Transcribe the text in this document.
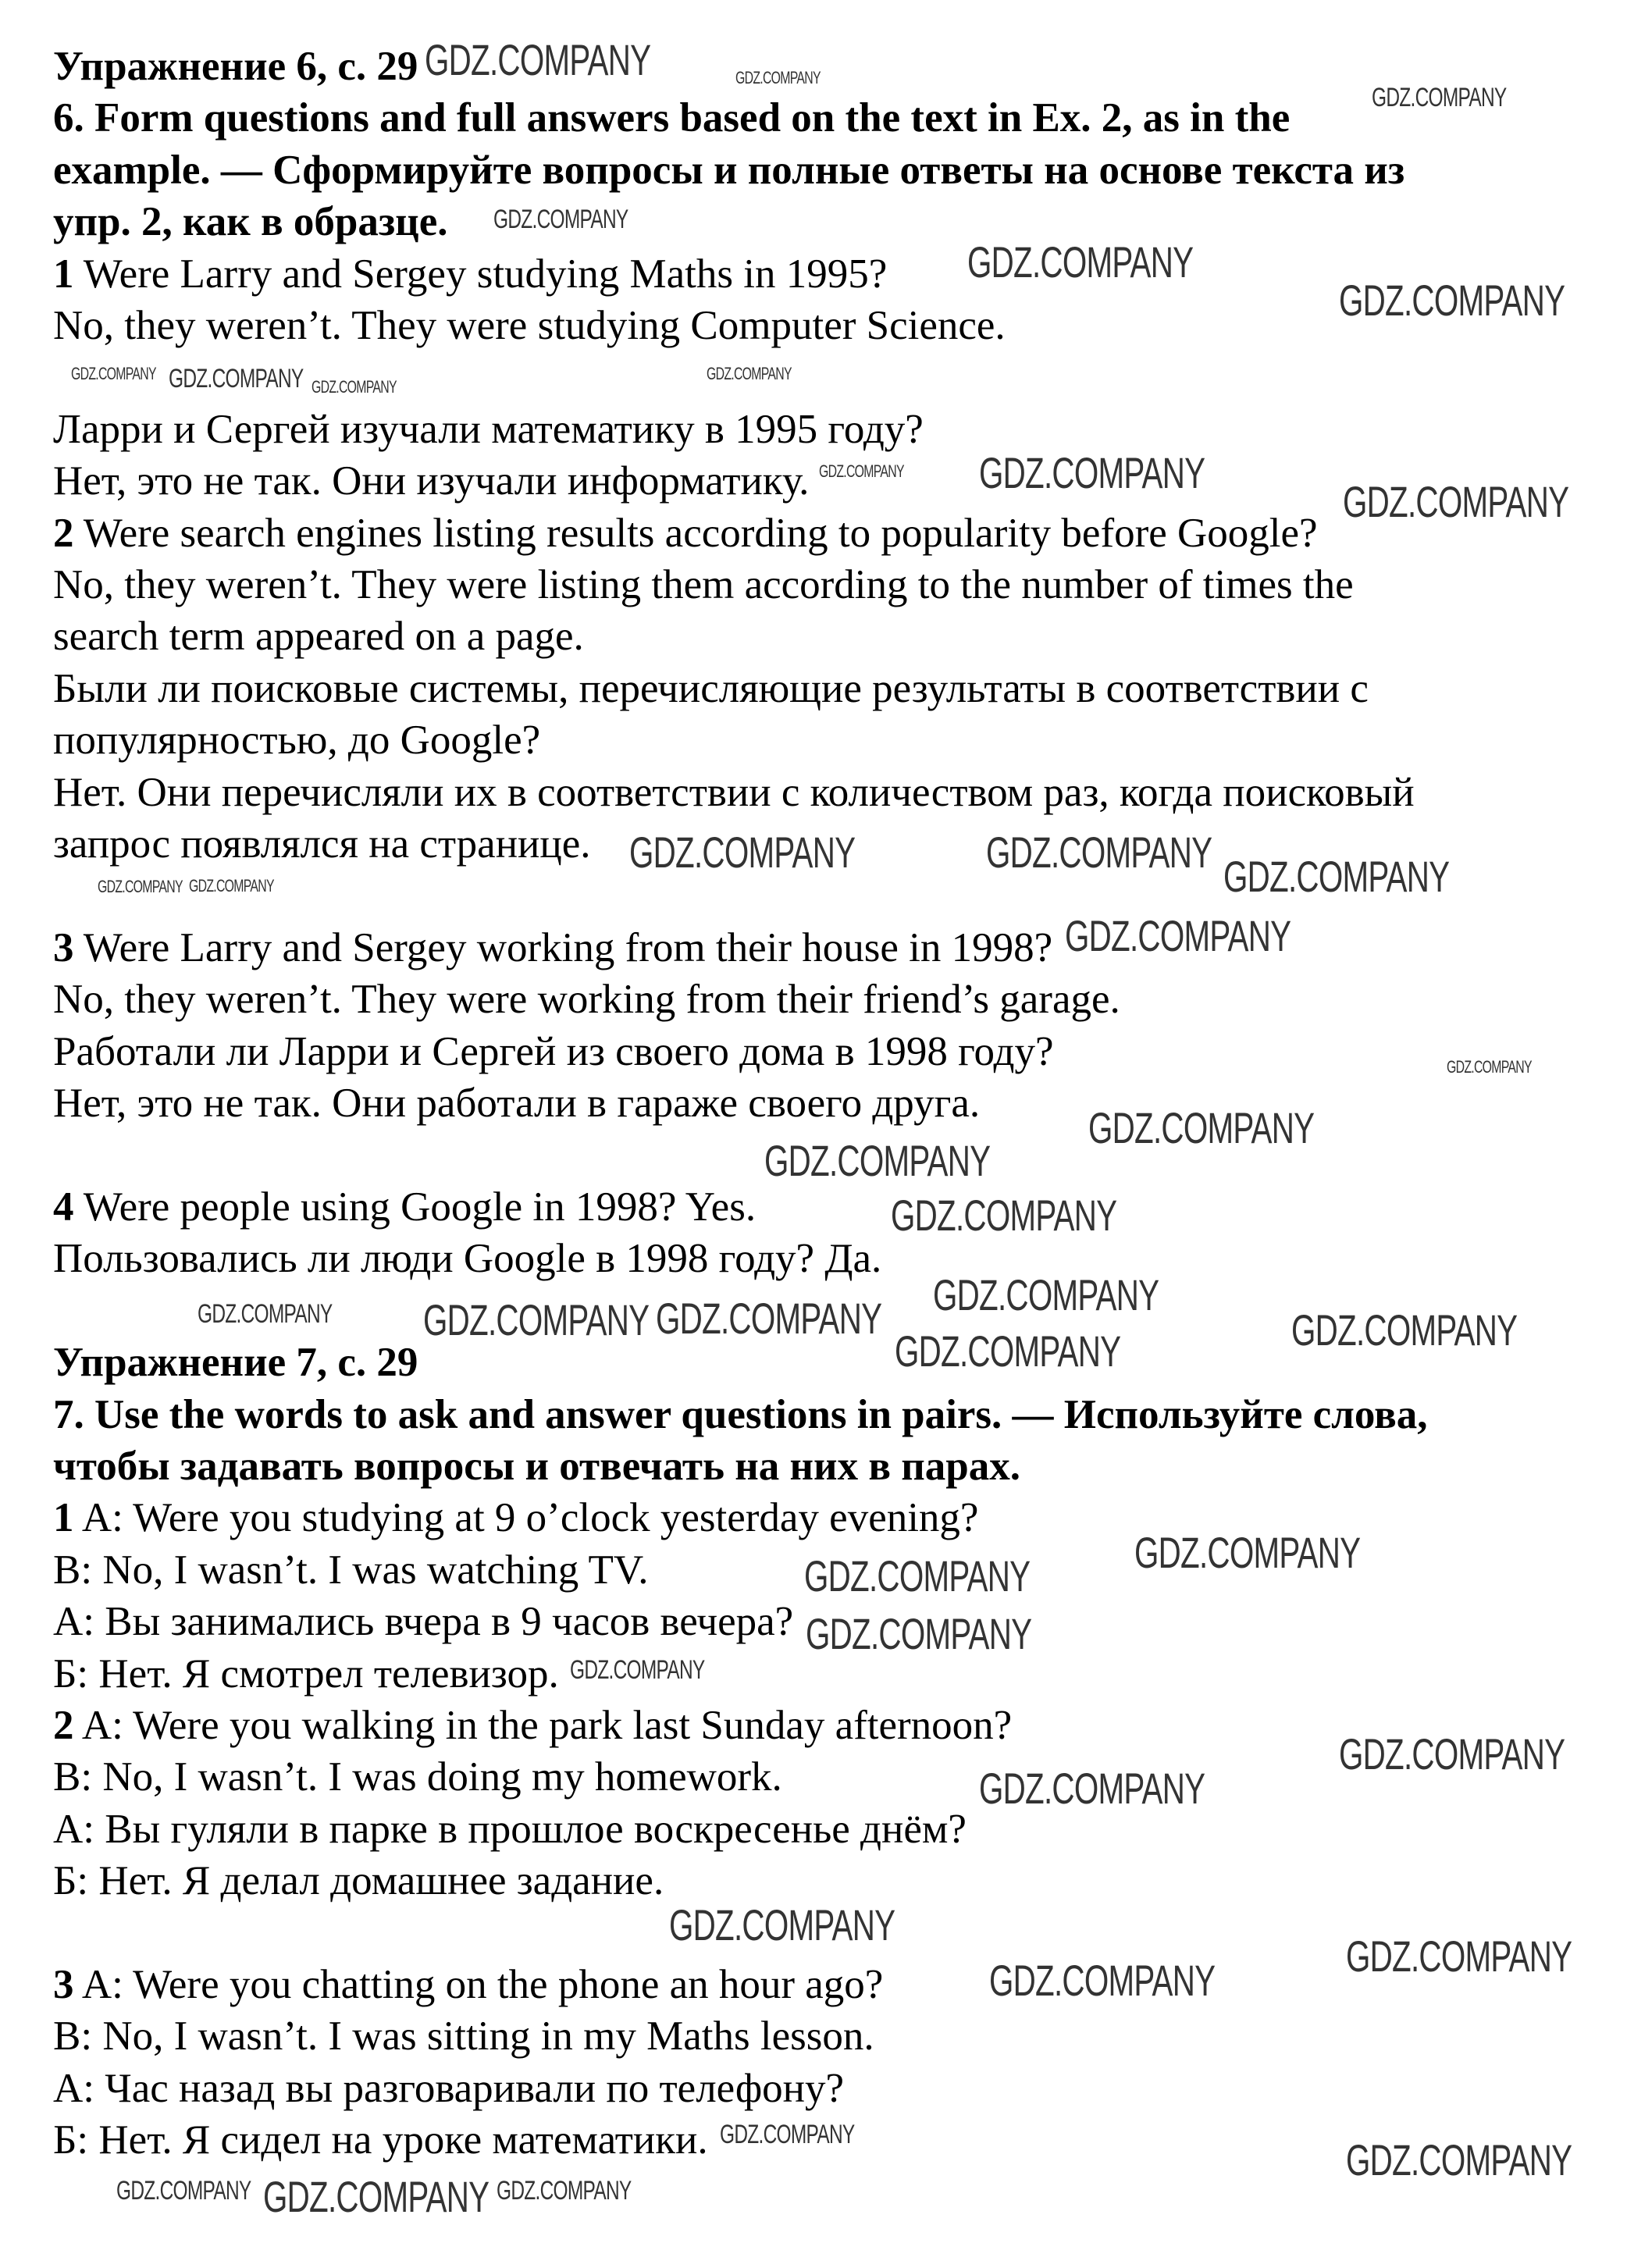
Упражнение 6, с. 29
6. Form questions and full answers based on the text in Ex. 2, as in the
example. — Сформируйте вопросы и полные ответы на основе текста из
упр. 2, как в образце.
1 Were Larry and Sergey studying Maths in 1995?
No, they weren’t. They were studying Computer Science.
Ларри и Сергей изучали математику в 1995 году?
Нет, это не так. Они изучали информатику.
2 Were search engines listing results according to popularity before Google?
No, they weren’t. They were listing them according to the number of times the
search term appeared on a page.
Были ли поисковые системы, перечисляющие результаты в соответствии с
популярностью, до Google?
Нет. Они перечисляли их в соответствии с количеством раз, когда поисковый
запрос появлялся на странице.
3 Were Larry and Sergey working from their house in 1998?
No, they weren’t. They were working from their friend’s garage.
Работали ли Ларри и Сергей из своего дома в 1998 году?
Нет, это не так. Они работали в гараже своего друга.
4 Were people using Google in 1998? Yes.
Пользовались ли люди Google в 1998 году? Да.
Упражнение 7, с. 29
7. Use the words to ask and answer questions in pairs. — Используйте слова,
чтобы задавать вопросы и отвечать на них в парах.
1 A: Were you studying at 9 o’clock yesterday evening?
B: No, I wasn’t. I was watching TV.
А: Вы занимались вчера в 9 часов вечера?
Б: Нет. Я смотрел телевизор.
2 A: Were you walking in the park last Sunday afternoon?
B: No, I wasn’t. I was doing my homework.
А: Вы гуляли в парке в прошлое воскресенье днём?
Б: Нет. Я делал домашнее задание.
3 A: Were you chatting on the phone an hour ago?
B: No, I wasn’t. I was sitting in my Maths lesson.
А: Час назад вы разговаривали по телефону?
Б: Нет. Я сидел на уроке математики.
GDZ.COMPANY
GDZ.COMPANY
GDZ.COMPANY
GDZ.COMPANY
GDZ.COMPANY
GDZ.COMPANY	GDZ.COMPANY GDZ.COMPANY
GDZ.COMPANY
GDZ.COMPANY
GDZ.COMPANY
GDZ.COMPANY
GDZ.COMPANY
GDZ.COMPANY
GDZ.COMPANY
GDZ.COMPANY
GDZ.COMPANY
GDZ.COMPANY
GDZ.COMPANY
GDZ.COMPANY
GDZ.COMPANY
GDZ.COMPANY
GDZ.COMPANY
GDZ.COMPANY
GDZ.COMPANY
GDZ.COMPANY
GDZ.COMPANY
GDZ.COMPANY
GDZ.COMPANY
GDZ.COMPANY
GDZ.COMPANY
GDZ.COMPANY
GDZ.COMPANY	GDZ.COMPANY
GDZ.COMPANY
GDZ.COMPANY	GDZ.COMPANY
GDZ.COMPANY
GDZ.COMPANY
GDZ.COMPANY
GDZ.COMPANY
GDZ.COMPANY
GDZ.COMPANY
